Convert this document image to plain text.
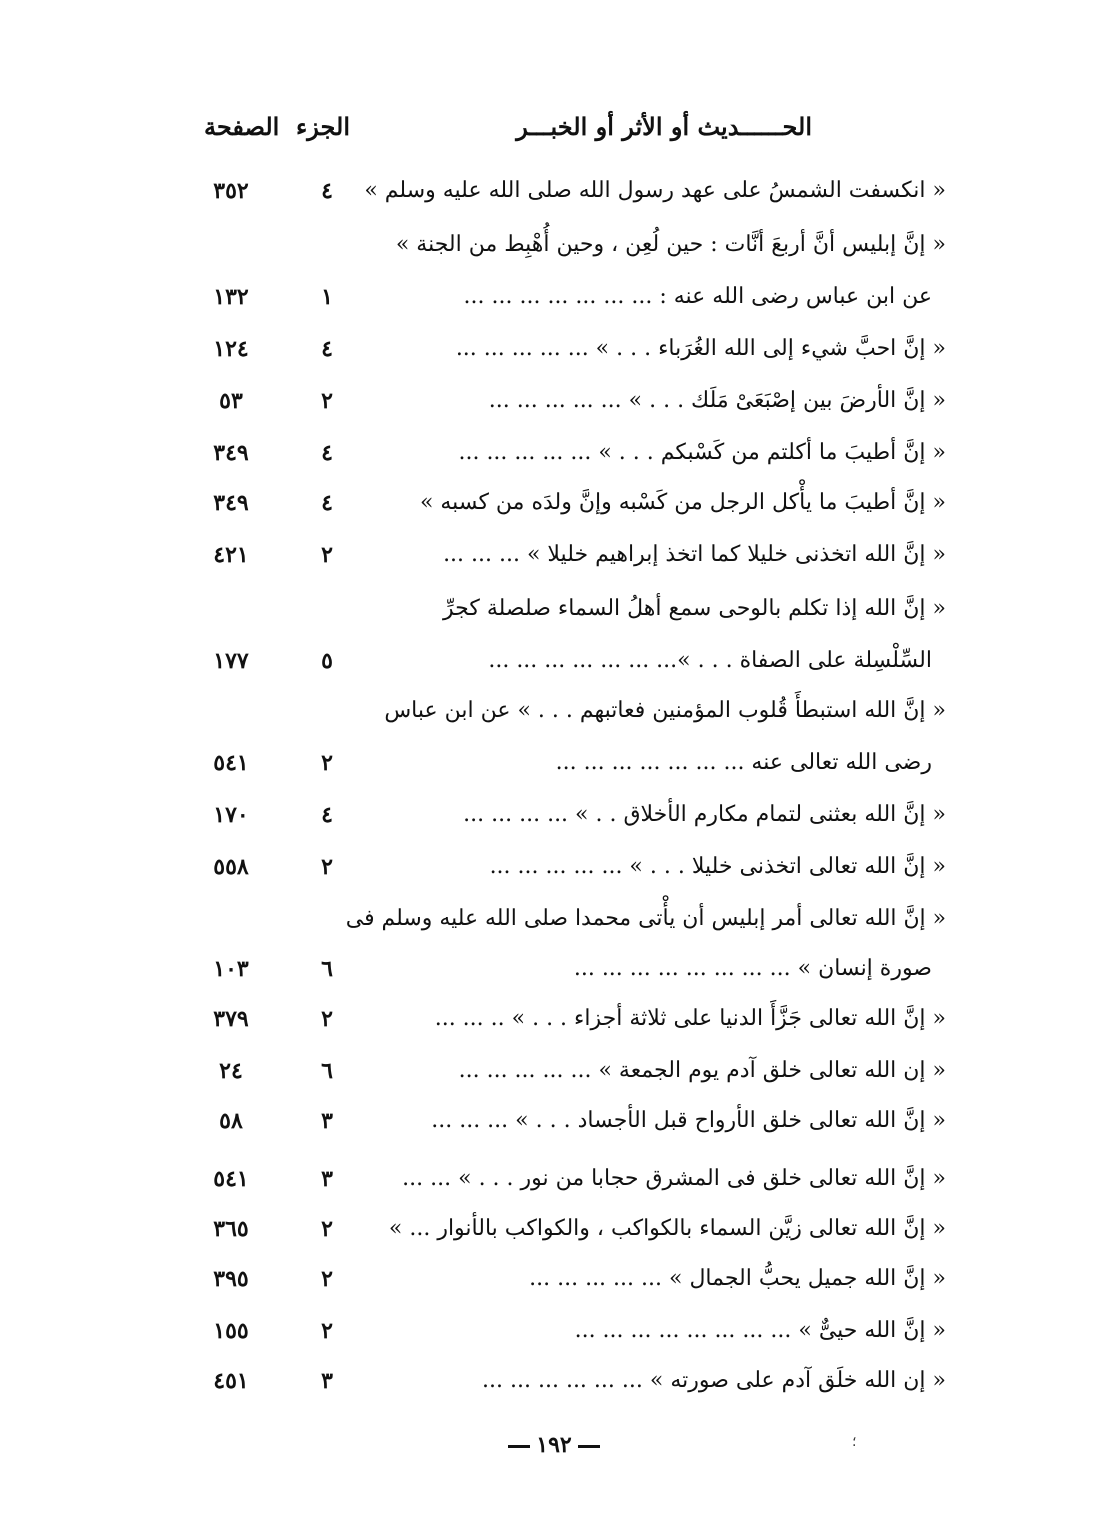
الحــــــديث أو الأثر أو الخبـــر
الجزء
الصفحة
« انكسفت الشمسُ على عهد رسول الله صلى الله عليه وسلم »
٤
٣٥٢
« إنَّ إبليس أنَّ أربعَ أنَّات : حين لُعِن ، وحين أُهْبِط من الجنة »
عن ابن عباس رضى الله عنه : ... ... ... ... ... ... ...
١
١٣٢
« إنَّ احبَّ شيء إلى الله الغُرَباء . . . » ... ... ... ... ...
٤
١٢٤
« إنَّ الأرضَ بين إصْبَعَىْ مَلَك . . . » ... ... ... ... ...
٢
٥٣
« إنَّ أطيبَ ما أكلتم من كَسْبكم . . . » ... ... ... ... ...
٤
٣٤٩
« إنَّ أطيبَ ما يأْكل الرجل من كَسْبه وإنَّ ولدَه من كسبه »
٤
٣٤٩
« إنَّ الله اتخذنى خليلا كما اتخذ إبراهيم خليلا » ... ... ...
٢
٤٢١
« إنَّ الله إذا تكلم بالوحى سمع أهلُ السماء صلصلة كجرِّ
السِّلْسِلة على الصفاة . . . »... ... ... ... ... ... ...
٥
١٧٧
« إنَّ الله استبطأَ قُلوب المؤمنين فعاتبهم . . . » عن ابن عباس
رضى الله تعالى عنه ... ... ... ... ... ... ...
٢
٥٤١
« إنَّ الله بعثنى لتمام مكارم الأخلاق . . » ... ... ... ...
٤
١٧٠
« إنَّ الله تعالى اتخذنى خليلا . . . » ... ... ... ... ...
٢
٥٥٨
« إنَّ الله تعالى أمر إبليس أن يأْتى محمدا صلى الله عليه وسلم فى
صورة إنسان » ... ... ... ... ... ... ... ...
٦
١٠٣
« إنَّ الله تعالى جَزَّأَ الدنيا على ثلاثة أجزاء . . . » .. ... ...
٢
٣٧٩
« إن الله تعالى خلق آدم يوم الجمعة » ... ... ... ... ...
٦
٢٤
« إنَّ الله تعالى خلق الأرواح قبل الأجساد . . . » ... ... ...
٣
٥٨
« إنَّ الله تعالى خلق فى المشرق حجابا من نور . . . » ... ...
٣
٥٤١
« إنَّ الله تعالى زيَّن السماء بالكواكب ، والكواكب بالأنوار ... »
٢
٣٦٥
« إنَّ الله جميل يحبُّ الجمال » ... ... ... ... ...
٢
٣٩٥
« إنَّ الله حيىٌّ » ... ... ... ... ... ... ... ...
٢
١٥٥
« إن الله خلَق آدم على صورته » ... ... ... ... ... ...
٣
٤٥١
١٩٢	؛
